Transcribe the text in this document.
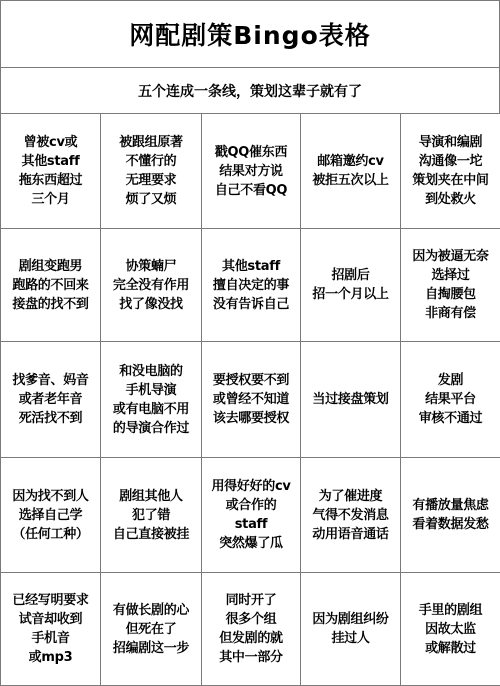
网配剧策Bingo表格
五个连成一条线，策划这辈子就有了
曾被cv或
其他staff
拖东西超过
三个月
被跟组原著
不懂行的
无理要求
烦了又烦
戳QQ催东西
结果对方说
自己不看QQ
邮箱邀约cv
被拒五次以上
导演和编剧
沟通像一坨
策划夹在中间
到处救火
剧组变跑男
跑路的不回来
接盘的找不到
协策蝻尸
完全没有作用
找了像没找
其他staff
擅自决定的事
没有告诉自己
招剧后
招一个月以上
因为被逼无奈
选择过
自掏腰包
非商有偿
找爹音、妈音
或者老年音
死活找不到
和没电脑的
手机导演
或有电脑不用
的导演合作过
要授权要不到
或曾经不知道
该去哪要授权
当过接盘策划
发剧
结果平台
审核不通过
因为找不到人
选择自己学
（任何工种）
剧组其他人
犯了错
自己直接被挂
用得好好的cv
或合作的
staff
突然爆了瓜
为了催进度
气得不发消息
动用语音通话
有播放量焦虑
看着数据发愁
已经写明要求
试音却收到
手机音
或mp3
有做长剧的心
但死在了
招编剧这一步
同时开了
很多个组
但发剧的就
其中一部分
因为剧组纠纷
挂过人
手里的剧组
因故太监
或解散过
